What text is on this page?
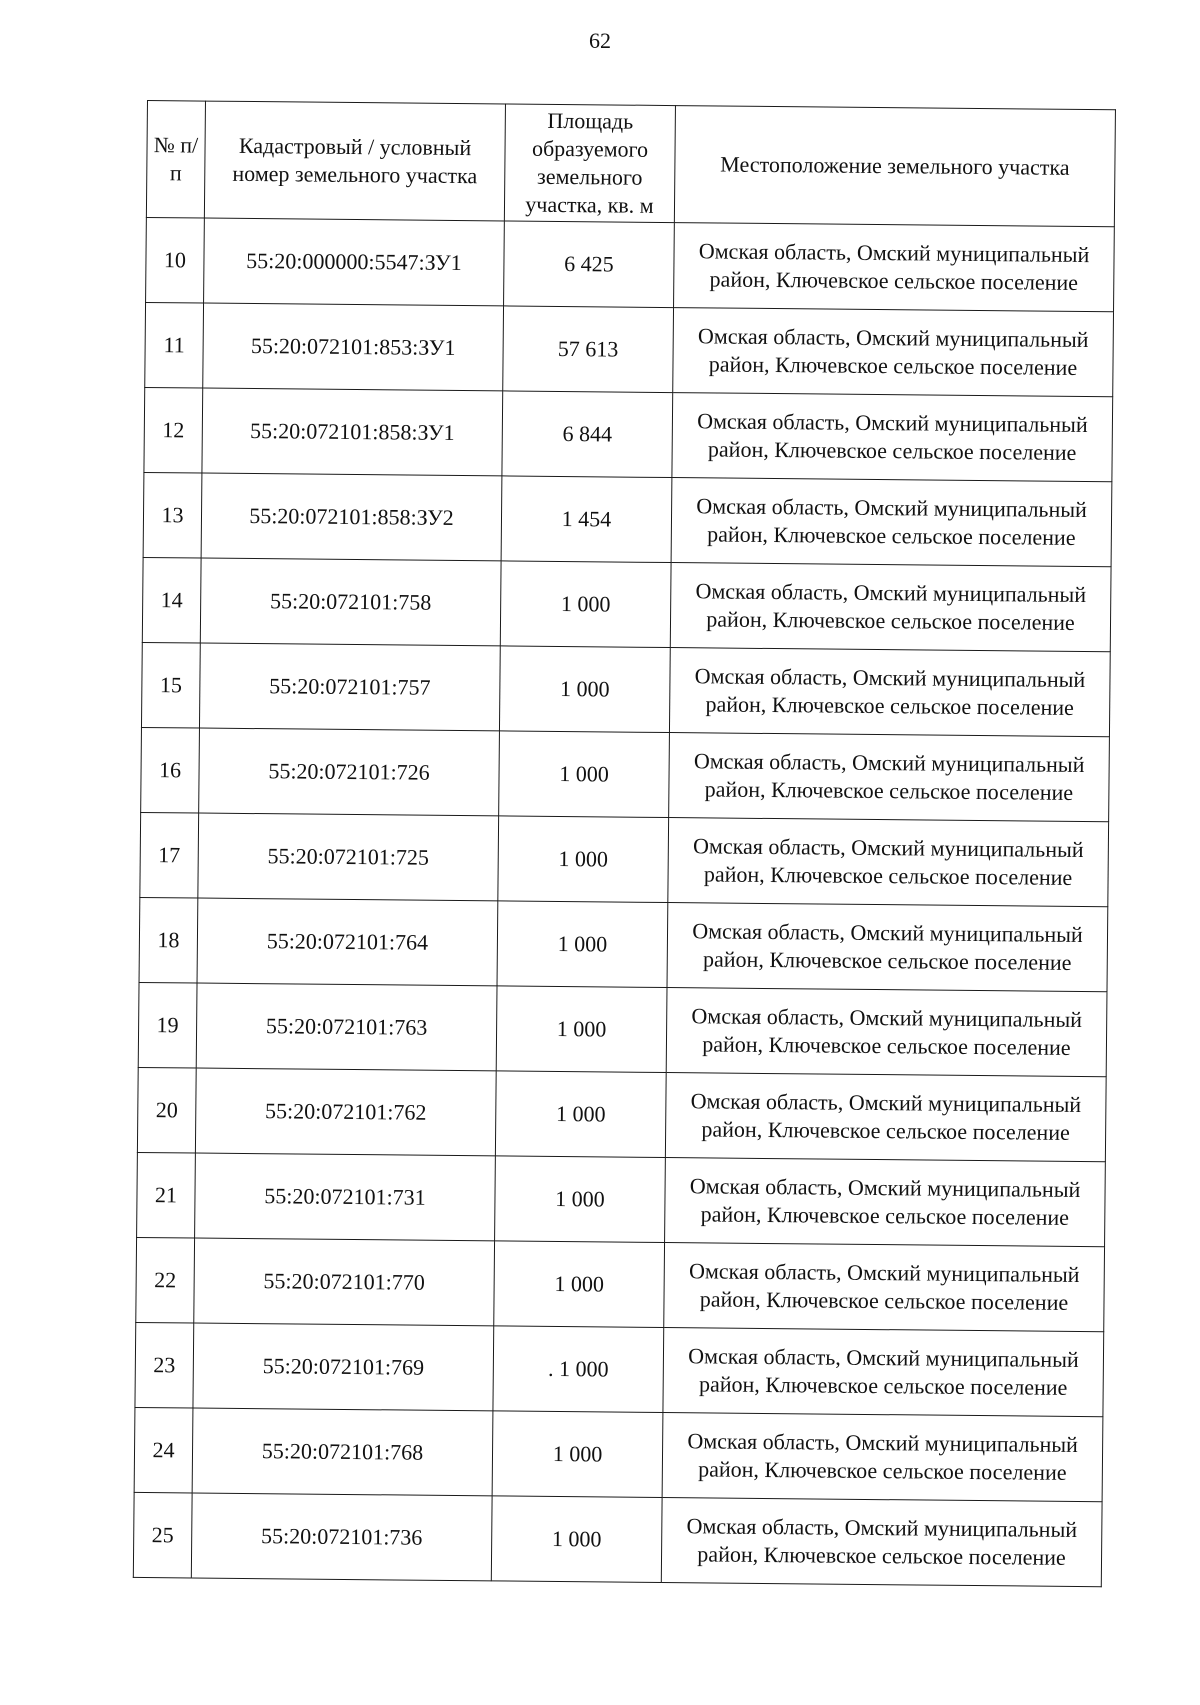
62
№ п/п	Кадастровый / условный номер земельного участка	Площадь образуемого земельного участка, кв. м	Местоположение земельного участка
10	55:20:000000:5547:ЗУ1	6 425	Омская область, Омский муниципальный район, Ключевское сельское поселение
11	55:20:072101:853:ЗУ1	57 613	Омская область, Омский муниципальный район, Ключевское сельское поселение
12	55:20:072101:858:ЗУ1	6 844	Омская область, Омский муниципальный район, Ключевское сельское поселение
13	55:20:072101:858:ЗУ2	1 454	Омская область, Омский муниципальный район, Ключевское сельское поселение
14	55:20:072101:758	1 000	Омская область, Омский муниципальный район, Ключевское сельское поселение
15	55:20:072101:757	1 000	Омская область, Омский муниципальный район, Ключевское сельское поселение
16	55:20:072101:726	1 000	Омская область, Омский муниципальный район, Ключевское сельское поселение
17	55:20:072101:725	1 000	Омская область, Омский муниципальный район, Ключевское сельское поселение
18	55:20:072101:764	1 000	Омская область, Омский муниципальный район, Ключевское сельское поселение
19	55:20:072101:763	1 000	Омская область, Омский муниципальный район, Ключевское сельское поселение
20	55:20:072101:762	1 000	Омская область, Омский муниципальный район, Ключевское сельское поселение
21	55:20:072101:731	1 000	Омская область, Омский муниципальный район, Ключевское сельское поселение
22	55:20:072101:770	1 000	Омская область, Омский муниципальный район, Ключевское сельское поселение
23	55:20:072101:769	. 1 000	Омская область, Омский муниципальный район, Ключевское сельское поселение
24	55:20:072101:768	1 000	Омская область, Омский муниципальный район, Ключевское сельское поселение
25	55:20:072101:736	1 000	Омская область, Омский муниципальный район, Ключевское сельское поселение
